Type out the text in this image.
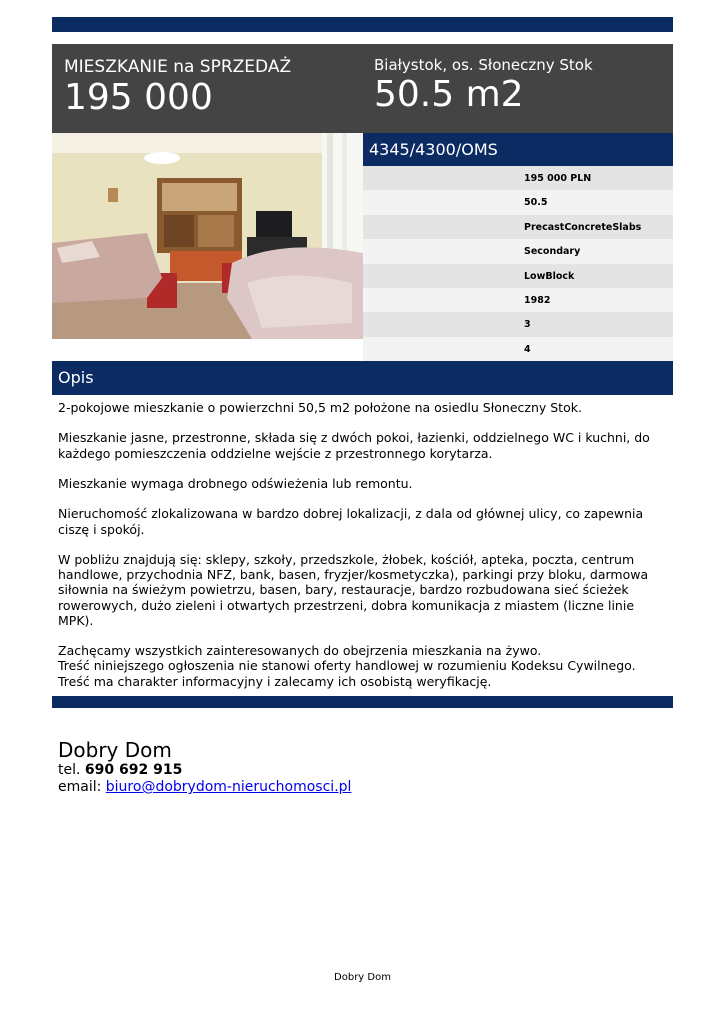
MIESZKANIE na SPRZEDAŻ
195 000
Białystok, os. Słoneczny Stok
50.5 m2
4345/4300/OMS
195 000 PLN
50.5
PrecastConcreteSlabs
Secondary
LowBlock
1982
3
4
Opis

2-pokojowe mieszkanie o powierzchni 50,5 m2 położone na osiedlu Słoneczny Stok.

Mieszkanie jasne, przestronne, składa się z dwóch pokoi, łazienki, oddzielnego WC i kuchni, do każdego pomieszczenia oddzielne wejście z przestronnego korytarza.

Mieszkanie wymaga drobnego odświeżenia lub remontu.

Nieruchomość zlokalizowana w bardzo dobrej lokalizacji, z dala od głównej ulicy, co zapewnia ciszę i spokój.

W pobliżu znajdują się: sklepy, szkoły, przedszkole, żłobek, kościół, apteka, poczta, centrum handlowe, przychodnia NFZ, bank, basen, fryzjer/kosmetyczka), parkingi przy bloku, darmowa siłownia na świeżym powietrzu, basen, bary, restauracje, bardzo rozbudowana sieć ścieżek rowerowych, dużo zieleni i otwartych przestrzeni, dobra komunikacja z miastem (liczne linie MPK).

Zachęcamy wszystkich zainteresowanych do obejrzenia mieszkania na żywo.

Treść niniejszego ogłoszenia nie stanowi oferty handlowej w rozumieniu Kodeksu Cywilnego. Treść ma charakter informacyjny i zalecamy ich osobistą weryfikację.
Dobry Dom
tel. 690 692 915
email: biuro@dobrydom-nieruchomosci.pl
Dobry Dom
